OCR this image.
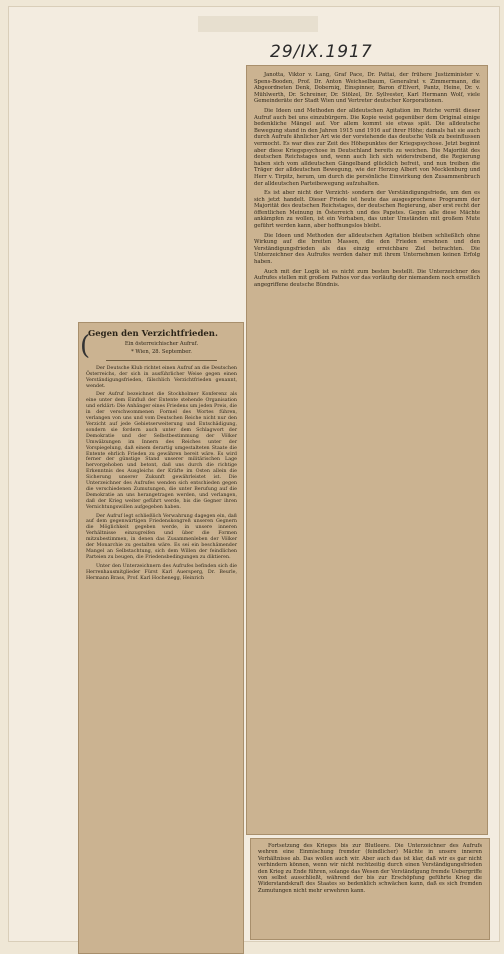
29/IX.1917

Janotta, Viktor v. Lang, Graf Pace, Dr. Pattai, der frühere Justizminister v. Spens-Booden, Prof. Dr. Anton Weichselbaum, Generalrat v. Zimmermann, die Abgeordneten Denk, Doberniq, Einspinner, Baron d'Elvert, Pantz, Heine, Dr. v. Mühlwerth, Dr. Schreiner, Dr. Stölzel, Dr. Syllvester, Karl Hermann Wolf, viele Gemeinderäte der Stadt Wien und Vertreter deutscher Korporationen.

Die Ideen und Methoden der alldeutschen Agitation im Reiche verrät dieser Aufruf auch bei uns einzubürgern. Die Kopie weist gegenüber dem Original einige bedenkliche Mängel auf. Vor allem kommt sie etwas spät. Die alldeutsche Bewegung stand in den Jahren 1915 und 1916 auf ihrer Höhe; damals hat sie auch durch Aufrufe ähnlicher Art wie der vorstehende das deutsche Volk zu beeinflussen vermocht. Es war dies zur Zeit des Höhepunktes der Kriegspsychose. Jetzt beginnt aber diese Kriegspsychose in Deutschland bereits zu weichen. Die Majorität des deutschen Reichstages und, wenn auch lich sich widerstrebend, die Regierung haben sich vom alldeutschen Gängelband glücklich befreit, und nun treiben die Träger der alldeutschen Bewegung, wie der Herzog Albert von Mecklenburg und Herr v. Tirpitz, herum, um durch die persönliche Einwirkung den Zusammenbruch der alldeutschen Parteibewegung aufzuhalten.

Es ist aber nicht der Verzicht- sondern der Verständigungsfriede, um den es sich jetzt handelt. Dieser Friede ist heute das ausgesprochene Programm der Majorität des deutschen Reichstages, der deutschen Regierung, aber erst recht der öffentlichen Meinung in Österreich und des Papstes. Gegen alle diese Mächte ankämpfen zu wollen, ist ein Vorhaben, das unter Umständen mit großem Mute geführt werden kann, aber hoffnungslos bleibt.

Die Ideen und Methoden der alldeutschen Agitation bleiben schließlich ohne Wirkung auf die breiten Massen, die den Frieden ersehnen und den Verständigungsfrieden als das einzig erreichbare Ziel betrachten. Die Unterzeichner des Aufrufes werden daher mit ihrem Unternehmen keinen Erfolg haben.

Auch mit der Logik ist es nicht zum besten bestellt. Die Unterzeichner des Aufrufes stellen mit großem Pathos vor das vorläufig der niemandem noch ernstlich angegriffene deutsche Bündnis.

Gegen den Verzichtfrieden.

Ein österreichischer Aufruf.

* Wien, 28. September.

Der Deutsche Klub richtet einen Aufruf an die Deutschen Österreichs, der sich in ausführlicher Weise gegen einen Verständigungsfrieden, fälschlich Verzichtfrieden genannt, wendet.

Der Aufruf bezeichnet die Stockholmer Konferenz als eine unter dem Einfluß der Entente stehende Organisation und erklärt: Die Anhänger eines Friedens um jeden Preis, die in der verschwommenen Formel des Wortes führen, verlangen von uns und vom Deutschen Reiche nicht nur den Verzicht auf jede Gebietserweiterung und Entschädigung, sondern sie fordern auch unter dem Schlagwort der Demokratie und der Selbstbestimmung der Völker Umwälzungen im Innern des Reiches unter der Vorspiegelung, daß einem derartig umgestalteten Staate die Entente ehrlich Frieden zu gewähren bereit wäre. Es wird ferner der günstige Stand unserer militärischen Lage hervorgehoben und betont, daß uns durch die richtige Erkenntnis des Ausgleichs der Kräfte im Osten allein die Sicherung unserer Zukunft gewährleistet ist. Die Unterzeichner des Aufrufes wenden sich entschieden gegen die verschiedenen Zumutungen, die unter Berufung auf die Demokratie an uns herangetragen werden, und verlangen, daß der Krieg weiter geführt werde, bis die Gegner ihren Vernichtungswillen aufgegeben haben.

Der Aufruf legt schließlich Verwahrung dagegen ein, daß auf dem gegenwärtigen Friedenskongreß unseren Gegnern die Möglichkeit gegeben werde, in unsere inneren Verhältnisse einzugreifen und über die Formen mitzubestimmen, in denen das Zusammenleben der Völker der Monarchie zu gestalten wäre. Es sei ein beschämender Mangel an Selbstachtung, sich dem Willen der feindlichen Parteien zu beugen, die Friedensbedingungen zu diktieren.

Unter den Unterzeichnern des Aufrufes befinden sich die Herrenhausmitglieder Fürst Karl Auersperg, Dr. Beurle, Hermann Brass, Prof. Karl Hochenegg, Heinrich

(

Fortsetzung des Krieges bis zur Blutleere. Die Unterzeichner des Aufrufs wehren eine Einmischung fremder (feindlicher) Mächte in unsere inneren Verhältnisse ab. Das wollen auch wir. Aber auch das ist klar, daß wir es gar nicht verhindern können, wenn wir nicht rechtzeitig durch einen Verständigungsfrieden den Krieg zu Ende führen, solange das Wesen der Verständigung fremde Uebergriffe von selbst ausschließt, während der bis zur Erschöpfung geführte Krieg die Widerstandskraft des Staates so bedenklich schwächen kann, daß es sich fremden Zumutungen nicht mehr erwehren kann.
